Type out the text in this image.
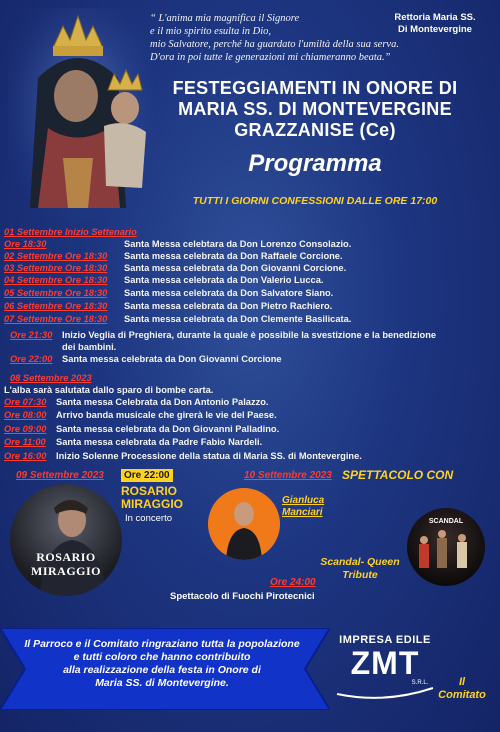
“ L'anima mia magnifica il Signore
e il mio spirito esulta in Dio,
mio Salvatore, perché ha guardato l'umiltà della sua serva.
D'ora in poi tutte le generazioni mi chiameranno beata.”
Rettoria Maria SS.
Di Montevergine
FESTEGGIAMENTI IN ONORE DI
MARIA SS. DI MONTEVERGINE
GRAZZANISE (Ce)
Programma
TUTTI I GIORNI CONFESSIONI DALLE ORE 17:00
01 Settembre Inizio Settenario
Ore 18:30	Santa Messa celebtara da Don Lorenzo Consolazio.
02 Settembre Ore 18:30 Santa messa celebrata da Don Raffaele Corcione.
03 Settembre Ore 18:30 Santa messa celebrata da Don Giovanni Corcione.
04 Settembre Ore 18:30 Santa messa celebrata da Don Valerio Lucca.
05 Settembre Ore 18:30 Santa messa celebrata da Don Salvatore Siano.
06 Settembre Ore 18:30 Santa messa celebrata da Don Pietro Rachiero.
07 Settembre Ore 18:30 Santa messa celebrata da Don Clemente Basilicata.
Ore 21:30 Inizio Veglia di Preghiera, durante la quale è possibile la svestizione e la benedizione
dei bambini.
Ore 22:00 Santa messa celebrata da Don Giovanni Corcione
08 Settembre 2023
L'alba sarà salutata dallo sparo di bombe carta.
Ore 07:30 Santa messa Celebrata da Don Antonio Palazzo.
Ore 08:00 Arrivo banda musicale che girerà le vie del Paese.
Ore 09:00 Santa messa celebrata da Don Giovanni Palladino.
Ore 11:00 Santa messa celebrata da Padre Fabio Nardeli.
Ore 16:00 Inizio Solenne Processione della statua di Maria SS. di Montevergine.
09 Settembre 2023	Ore 22:00
ROSARIO
MIRAGGIO
In concerto
ROSARIO
MIRAGGIO
10 Settembre 2023 SPETTACOLO CON
Gianluca
Manciari
SCANDAL
Scandal- Queen
Tribute
Ore 24:00
Spettacolo di Fuochi Pirotecnici
Il Parroco e il Comitato ringraziano tutta la popolazione
e tutti coloro che hanno contribuito
alla realizzazione della festa in Onore di
Maria SS. di Montevergine.
IMPRESA EDILE
ZMT
S.R.L.	Il
Comitato
